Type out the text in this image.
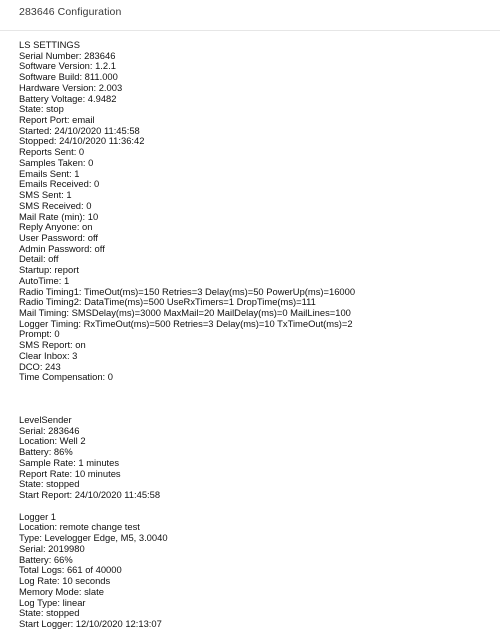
283646 Configuration
LS SETTINGS
Serial Number: 283646
Software Version: 1.2.1
Software Build: 811.000
Hardware Version: 2.003
Battery Voltage: 4.9482
State: stop
Report Port: email
Started: 24/10/2020 11:45:58
Stopped: 24/10/2020 11:36:42
Reports Sent: 0
Samples Taken: 0
Emails Sent: 1
Emails Received: 0
SMS Sent: 1
SMS Received: 0
Mail Rate (min): 10
Reply Anyone: on
User Password: off
Admin Password: off
Detail: off
Startup: report
AutoTime: 1
Radio Timing1: TimeOut(ms)=150 Retries=3 Delay(ms)=50 PowerUp(ms)=16000
Radio Timing2: DataTime(ms)=500 UseRxTimers=1 DropTime(ms)=111
Mail Timing: SMSDelay(ms)=3000 MaxMail=20 MailDelay(ms)=0 MailLines=100
Logger Timing: RxTimeOut(ms)=500 Retries=3 Delay(ms)=10 TxTimeOut(ms)=2
Prompt: 0
SMS Report: on
Clear Inbox: 3
DCO: 243
Time Compensation: 0
LevelSender
Serial: 283646
Location: Well 2
Battery: 86%
Sample Rate: 1 minutes
Report Rate: 10 minutes
State: stopped
Start Report: 24/10/2020 11:45:58
Logger 1
Location: remote change test
Type: Levelogger Edge, M5, 3.0040
Serial: 2019980
Battery: 66%
Total Logs: 661 of 40000
Log Rate: 10 seconds
Memory Mode: slate
Log Type: linear
State: stopped
Start Logger: 12/10/2020 12:13:07
